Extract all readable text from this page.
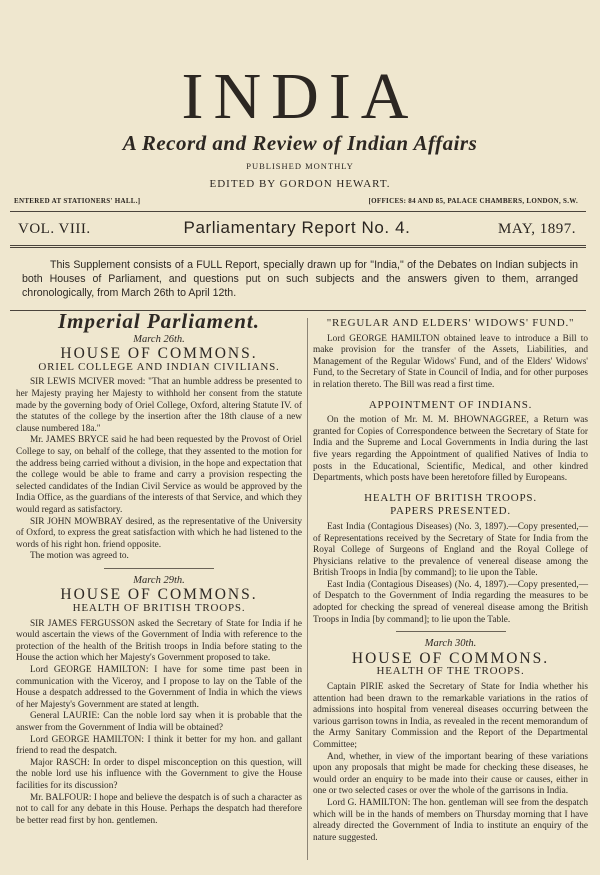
INDIA
A Record and Review of Indian Affairs
PUBLISHED MONTHLY
EDITED BY GORDON HEWART.
ENTERED AT STATIONERS' HALL.]	[OFFICES: 84 AND 85, PALACE CHAMBERS, LONDON, S.W.
VOL. VIII.	Parliamentary Report No. 4.	MAY, 1897.
This Supplement consists of a FULL Report, specially drawn up for "India," of the Debates on Indian subjects in both Houses of Parliament, and questions put on such subjects and the answers given to them, arranged chronologically, from March 26th to April 12th.
Imperial Parliament.
March 26th.
HOUSE OF COMMONS.
ORIEL COLLEGE AND INDIAN CIVILIANS.

SIR LEWIS MCIVER moved: "That an humble address be presented to her Majesty praying her Majesty to withhold her consent from the statute made by the governing body of Oriel College, Oxford, altering Statute IV. of the statutes of the college by the insertion after the 18th clause of a new clause numbered 18a."

Mr. JAMES BRYCE said he had been requested by the Provost of Oriel College to say, on behalf of the college, that they assented to the motion for the address being carried without a division, in the hope and expectation that the college would be able to frame and carry a provision respecting the selected candidates of the Indian Civil Service as would be approved by the India Office, as the guardians of the interests of that Service, and which they would regard as satisfactory.

SIR JOHN MOWBRAY desired, as the representative of the University of Oxford, to express the great satisfaction with which he had listened to the words of his right hon. friend opposite.

The motion was agreed to.

March 29th.
HOUSE OF COMMONS.
HEALTH OF BRITISH TROOPS.

SIR JAMES FERGUSSON asked the Secretary of State for India if he would ascertain the views of the Government of India with reference to the protection of the health of the British troops in India before stating to the House the action which her Majesty's Government proposed to take.

Lord GEORGE HAMILTON: I have for some time past been in communication with the Viceroy, and I propose to lay on the Table of the House a despatch addressed to the Government of India in which the views of her Majesty's Government are stated at length.

General LAURIE: Can the noble lord say when it is probable that the answer from the Government of India will be obtained?

Lord GEORGE HAMILTON: I think it better for my hon. and gallant friend to read the despatch.

Major RASCH: In order to dispel misconception on this question, will the noble lord use his influence with the Government to give the House facilities for its discussion?

Mr. BALFOUR: I hope and believe the despatch is of such a character as not to call for any debate in this House. Perhaps the despatch had therefore be better read first by hon. gentlemen.

"REGULAR AND ELDERS' WIDOWS' FUND."

Lord GEORGE HAMILTON obtained leave to introduce a Bill to make provision for the transfer of the Assets, Liabilities, and Management of the Regular Widows' Fund, and of the Elders' Widows' Fund, to the Secretary of State in Council of India, and for other purposes in relation thereto. The Bill was read a first time.

APPOINTMENT OF INDIANS.

On the motion of Mr. M. M. BHOWNAGGREE, a Return was granted for Copies of Correspondence between the Secretary of State for India and the Supreme and Local Governments in India during the last five years regarding the Appointment of qualified Natives of India to posts in the Educational, Scientific, Medical, and other kindred Departments, which posts have been heretofore filled by Europeans.

HEALTH OF BRITISH TROOPS.
PAPERS PRESENTED.

East India (Contagious Diseases) (No. 3, 1897).—Copy presented,—of Representations received by the Secretary of State for India from the Royal College of Surgeons of England and the Royal College of Physicians relative to the prevalence of venereal disease among the British Troops in India [by command]; to lie upon the Table.

East India (Contagious Diseases) (No. 4, 1897).—Copy presented,—of Despatch to the Government of India regarding the measures to be adopted for checking the spread of venereal disease among the British Troops in India [by command]; to lie upon the Table.

March 30th.
HOUSE OF COMMONS.
HEALTH OF THE TROOPS.

Captain PIRIE asked the Secretary of State for India whether his attention had been drawn to the remarkable variations in the ratios of admissions into hospital from venereal diseases occurring between the various garrison towns in India, as revealed in the recent memorandum of the Army Sanitary Commission and the Report of the Departmental Committee;

And, whether, in view of the important bearing of these variations upon any proposals that might be made for checking these diseases, he would order an enquiry to be made into their cause or causes, either in one or two selected cases or over the whole of the garrisons in India.

Lord G. HAMILTON: The hon. gentleman will see from the despatch which will be in the hands of members on Thursday morning that I have already directed the Government of India to institute an enquiry of the nature suggested.
